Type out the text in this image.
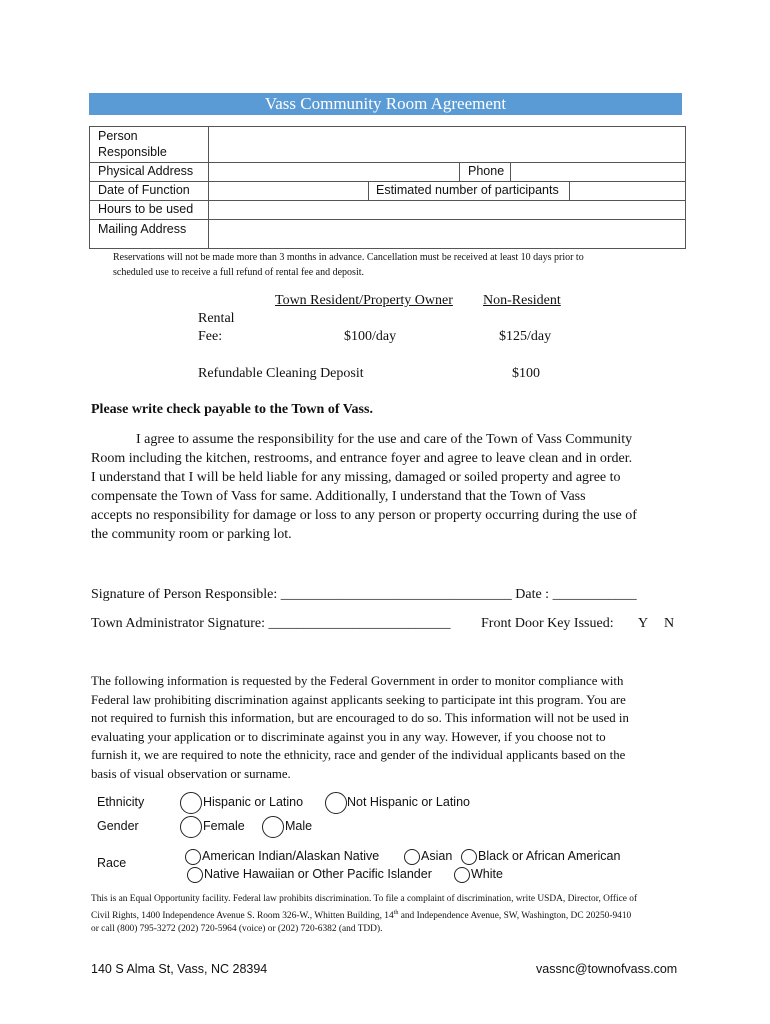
Vass Community Room Agreement
Person
Responsible
Physical Address	Phone
Date of Function	Estimated number of participants
Hours to be used
Mailing Address
Reservations will not be made more than 3 months in advance. Cancellation must be received at least 10 days prior to
scheduled use to receive a full refund of rental fee and deposit.
Town Resident/Property Owner Non-Resident
Rental
Fee:	$100/day	$125/day
Refundable Cleaning Deposit	$100
Please write check payable to the Town of Vass.
I agree to assume the responsibility for the use and care of the Town of Vass Community
Room including the kitchen, restrooms, and entrance foyer and agree to leave clean and in order.
I understand that I will be held liable for any missing, damaged or soiled property and agree to
compensate the Town of Vass for same. Additionally, I understand that the Town of Vass
accepts no responsibility for damage or loss to any person or property occurring during the use of
the community room or parking lot.
Signature of Person Responsible: _________________________________ Date : ____________
Town Administrator Signature: __________________________ Front Door Key Issued: Y N
The following information is requested by the Federal Government in order to monitor compliance with
Federal law prohibiting discrimination against applicants seeking to participate int this program. You are
not required to furnish this information, but are encouraged to do so. This information will not be used in
evaluating your application or to discriminate against you in any way. However, if you choose not to
furnish it, we are required to note the ethnicity, race and gender of the individual applicants based on the
basis of visual observation or surname.
Ethnicity	Hispanic or Latino	Not Hispanic or Latino
Gender	Female	Male
Race	American Indian/Alaskan Native	Asian Black or African American
Native Hawaiian or Other Pacific Islander	White
This is an Equal Opportunity facility. Federal law prohibits discrimination. To file a complaint of discrimination, write USDA, Director, Office of
Civil Rights, 1400 Independence Avenue S. Room 326-W., Whitten Building, 14th and Independence Avenue, SW, Washington, DC 20250-9410
or call (800) 795-3272 (202) 720-5964 (voice) or (202) 720-6382 (and TDD).
140 S Alma St, Vass, NC 28394	vassnc@townofvass.com
